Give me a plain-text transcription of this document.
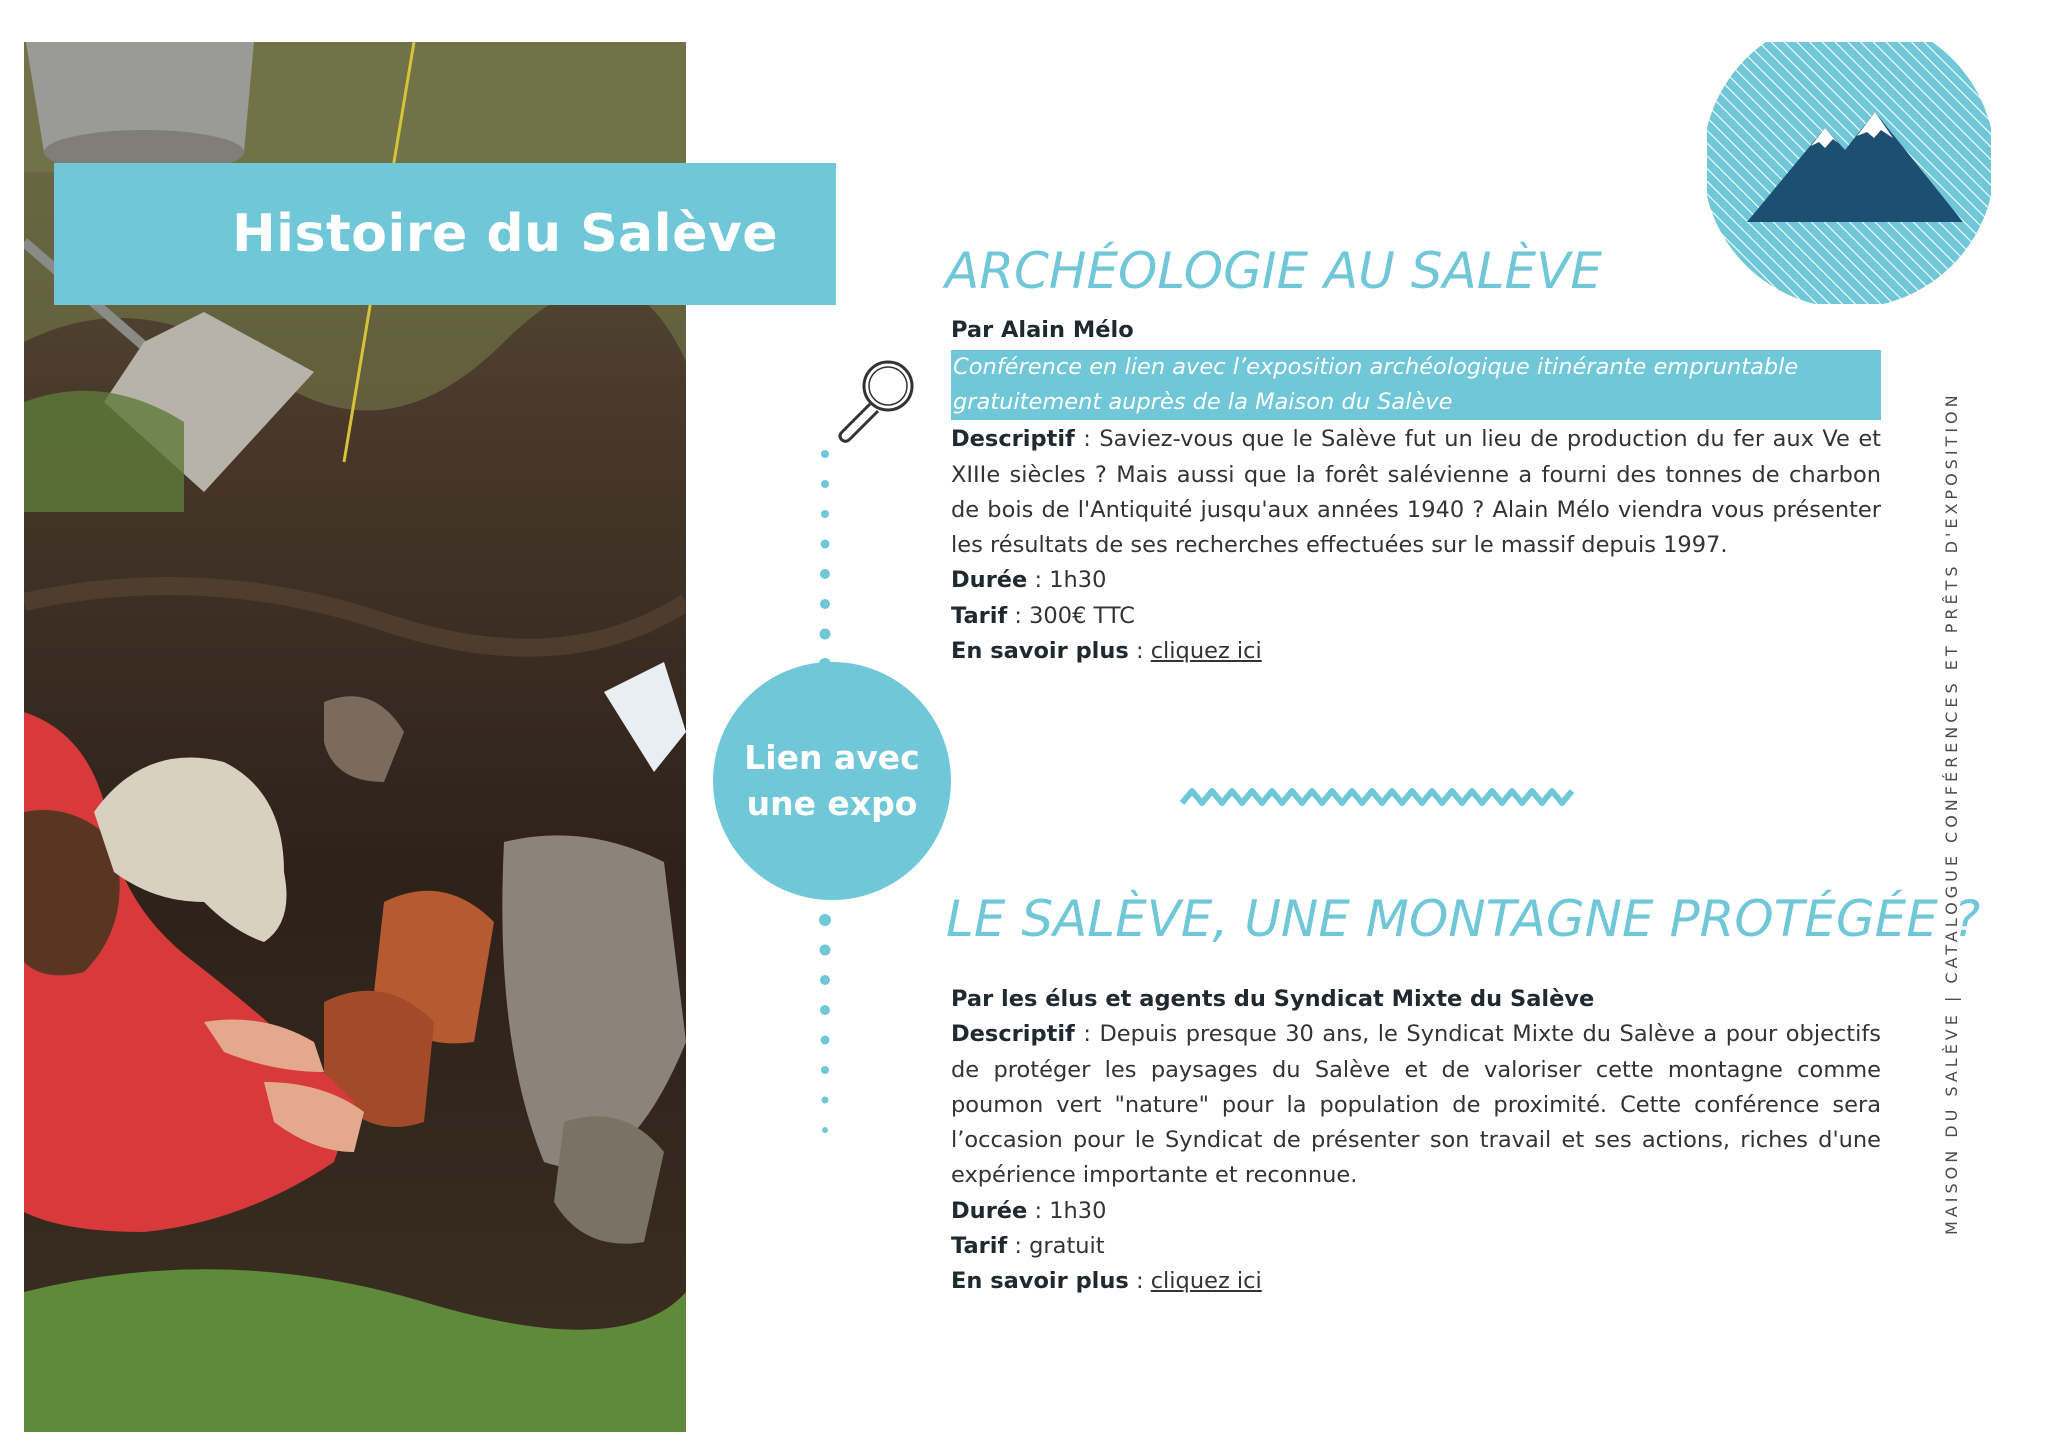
Histoire du Salève
MAISON DU SALÈVE | CATALOGUE CONFÉRENCES ET PRÊTS D'EXPOSITION
Lien avec
une expo
ARCHÉOLOGIE AU SALÈVE
Par Alain Mélo
Conférence en lien avec l’exposition archéologique itinérante empruntable gratuitement auprès de la Maison du Salève
Descriptif : Saviez-vous que le Salève fut un lieu de production du fer aux Ve et XIIIe siècles ? Mais aussi que la forêt salévienne a fourni des tonnes de charbon de bois de l'Antiquité jusqu'aux années 1940 ? Alain Mélo viendra vous présenter les résultats de ses recherches effectuées sur le massif depuis 1997.
Durée : 1h30
Tarif : 300€ TTC
En savoir plus : cliquez ici
LE SALÈVE, UNE MONTAGNE PROTÉGÉE ?
Par les élus et agents du Syndicat Mixte du Salève
Descriptif : Depuis presque 30 ans, le Syndicat Mixte du Salève a pour objectifs de protéger les paysages du Salève et de valoriser cette montagne comme poumon vert "nature" pour la population de proximité. Cette conférence sera l’occasion pour le Syndicat de présenter son travail et ses actions, riches d'une expérience importante et reconnue.
Durée : 1h30
Tarif : gratuit
En savoir plus : cliquez ici
